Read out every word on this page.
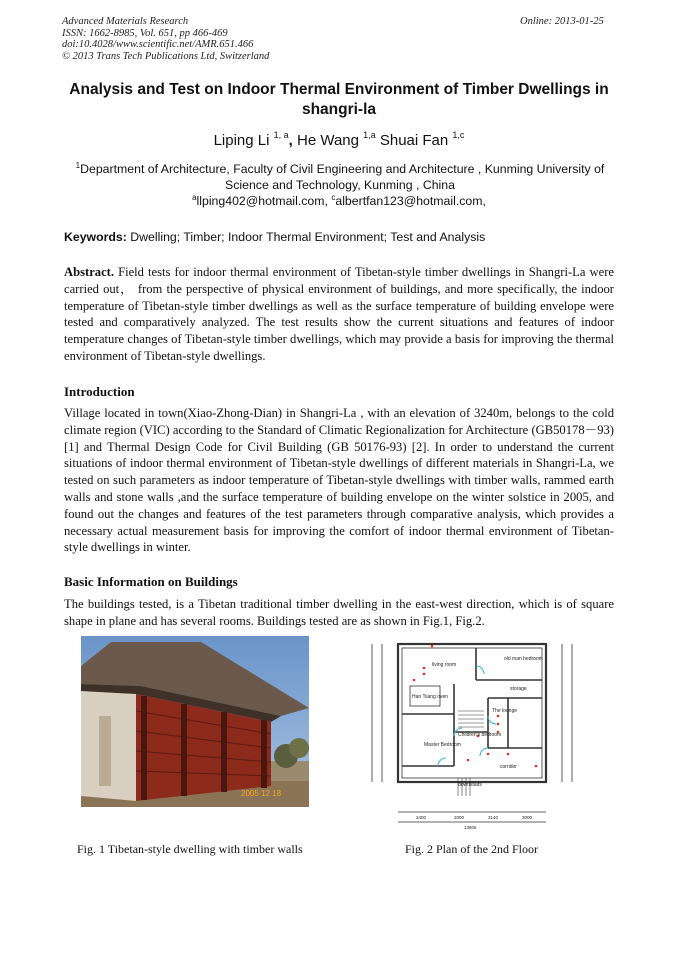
Advanced Materials Research
ISSN: 1662-8985, Vol. 651, pp 466-469
doi:10.4028/www.scientific.net/AMR.651.466
© 2013 Trans Tech Publications Ltd, Switzerland
Online: 2013-01-25
Analysis and Test on Indoor Thermal Environment of Timber Dwellings in shangri-la
Liping Li $^{1, a}$, He Wang $^{1,a}$ Shuai Fan $^{1,c}$
$^1$Department of Architecture, Faculty of Civil Engineering and Architecture , Kunming University of Science and Technology, Kunming , China
$^a$llping402@hotmail.com, $^c$albertfan123@hotmail.com,
Keywords: Dwelling; Timber; Indoor Thermal Environment; Test and Analysis
Abstract. Field tests for indoor thermal environment of Tibetan-style timber dwellings in Shangri-La were carried out， from the perspective of physical environment of buildings, and more specifically, the indoor temperature of Tibetan-style timber dwellings as well as the surface temperature of building envelope were tested and comparatively analyzed. The test results show the current situations and features of indoor temperature changes of Tibetan-style timber dwellings, which may provide a basis for improving the thermal environment of Tibetan-style dwellings.
Introduction
Village located in town(Xiao-Zhong-Dian) in Shangri-La , with an elevation of 3240m, belongs to the cold climate region (VIC) according to the Standard of Climatic Regionalization for Architecture (GB50178－93) [1] and Thermal Design Code for Civil Building (GB 50176-93) [2]. In order to understand the current situations of indoor thermal environment of Tibetan-style dwellings of different materials in Shangri-La, we tested on such parameters as indoor temperature of Tibetan-style dwellings with timber walls, rammed earth walls and stone walls ,and the surface temperature of building envelope on the winter solstice in 2005, and found out the changes and features of the test parameters through comparative analysis, which provides a necessary actual measurement basis for improving the comfort of indoor thermal environment of Tibetan-style dwellings in winter.
Basic Information on Buildings
The buildings tested, is a Tibetan traditional timber dwelling in the east-west direction, which is of square shape in plane and has several rooms. Buildings tested are as shown in Fig.1, Fig.2.
2005 12 18
Fig. 1 Tibetan-style dwelling with timber walls
living room
old man bedroom
storage
Han Tsang oven
The lounge
Children's bedroom
Master Bedroom
corridor
downstairs
3400	2000	3140	3000
13805
Fig. 2 Plan of the 2nd Floor
